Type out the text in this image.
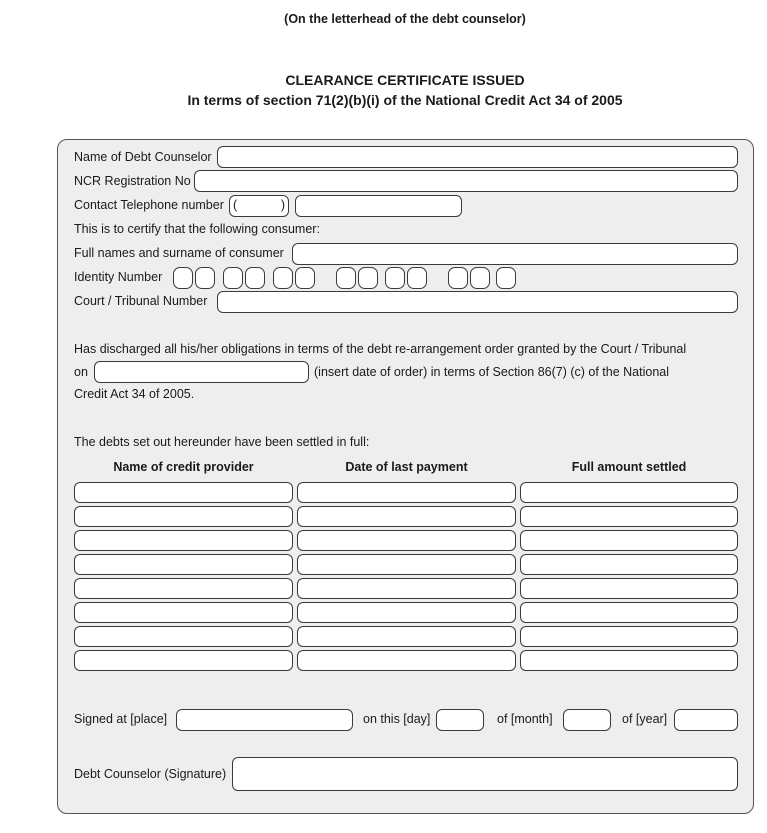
(On the letterhead of the debt counselor)
CLEARANCE CERTIFICATE ISSUED
In terms of section 71(2)(b)(i) of the National Credit Act 34 of 2005
Name of Debt Counselor
NCR Registration No
Contact Telephone number (	)
This is to certify that the following consumer:
Full names and surname of consumer
Identity Number
Court / Tribunal Number
Has discharged all his/her obligations in terms of the debt re-arrangement order granted by the Court / Tribunal
on	(insert date of order) in terms of Section 86(7) (c) of the National
Credit Act 34 of 2005.
The debts set out hereunder have been settled in full:
Name of credit provider	Date of last payment	Full amount settled
Signed at [place]	on this [day]	of [month]	of [year]
Debt Counselor (Signature)
